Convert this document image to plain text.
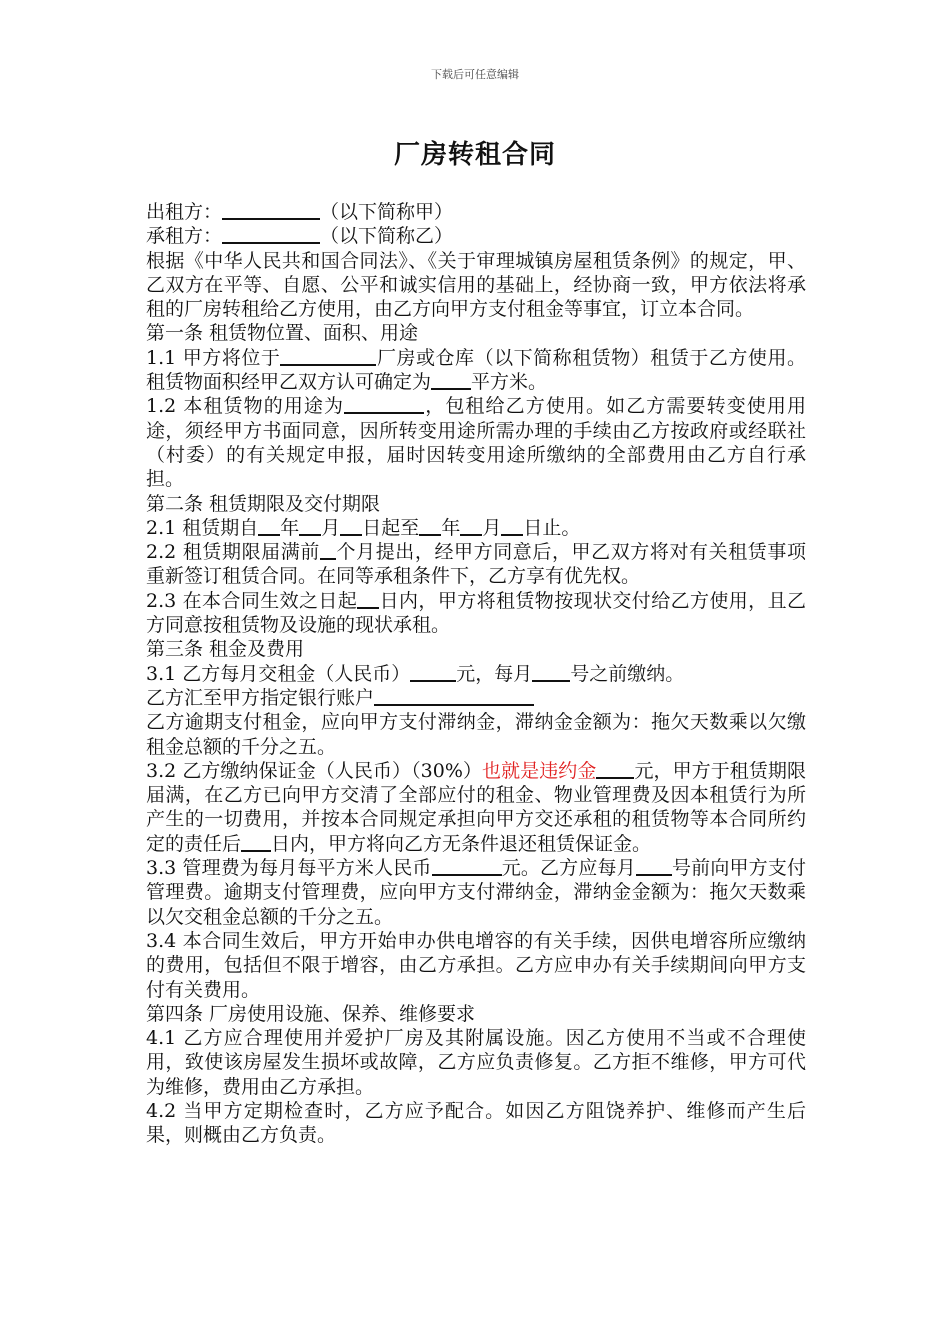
下载后可任意编辑
厂房转租合同

出租方：	（以下简称甲）

承租方：	（以下简称乙）

根据《中华人民共和国合同法》、《关于审理城镇房屋租赁条例》的规定，甲、乙双方在平等、自愿、公平和诚实信用的基础上，经协商一致，甲方依法将承租的厂房转租给乙方使用，由乙方向甲方支付租金等事宜，订立本合同。

第一条 租赁物位置、面积、用途

1.1 甲方将位于	厂房或仓库（以下简称租赁物）租赁于乙方使用。租赁物面积经甲乙双方认可确定为 平方米。

1.2 本租赁物的用途为	，包租给乙方使用。如乙方需要转变使用用途，须经甲方书面同意，因所转变用途所需办理的手续由乙方按政府或经联社（村委）的有关规定申报，届时因转变用途所缴纳的全部费用由乙方自行承担。

第二条 租赁期限及交付期限

2.1 租赁期自 年 月 日起至 年 月 日止。

2.2 租赁期限届满前 个月提出，经甲方同意后，甲乙双方将对有关租赁事项重新签订租赁合同。在同等承租条件下，乙方享有优先权。

2.3 在本合同生效之日起 日内，甲方将租赁物按现状交付给乙方使用，且乙方同意按租赁物及设施的现状承租。

第三条 租金及费用

3.1 乙方每月交租金（人民币） 元，每月 号之前缴纳。

乙方汇至甲方指定银行账户

乙方逾期支付租金，应向甲方支付滞纳金，滞纳金金额为：拖欠天数乘以欠缴租金总额的千分之五。

3.2 乙方缴纳保证金（人民币）（30%）也就是违约金 元，甲方于租赁期限届满，在乙方已向甲方交清了全部应付的租金、物业管理费及因本租赁行为所产生的一切费用，并按本合同规定承担向甲方交还承租的租赁物等本合同所约定的责任后 日内，甲方将向乙方无条件退还租赁保证金。

3.3 管理费为每月每平方米人民币	元。乙方应每月 号前向甲方支付管理费。逾期支付管理费，应向甲方支付滞纳金，滞纳金金额为：拖欠天数乘以欠交租金总额的千分之五。

3.4 本合同生效后，甲方开始申办供电增容的有关手续，因供电增容所应缴纳的费用，包括但不限于增容，由乙方承担。乙方应申办有关手续期间向甲方支付有关费用。

第四条 厂房使用设施、保养、维修要求

4.1 乙方应合理使用并爱护厂房及其附属设施。因乙方使用不当或不合理使用，致使该房屋发生损坏或故障，乙方应负责修复。乙方拒不维修，甲方可代为维修，费用由乙方承担。

4.2 当甲方定期检查时，乙方应予配合。如因乙方阻饶养护、维修而产生后果，则概由乙方负责。
